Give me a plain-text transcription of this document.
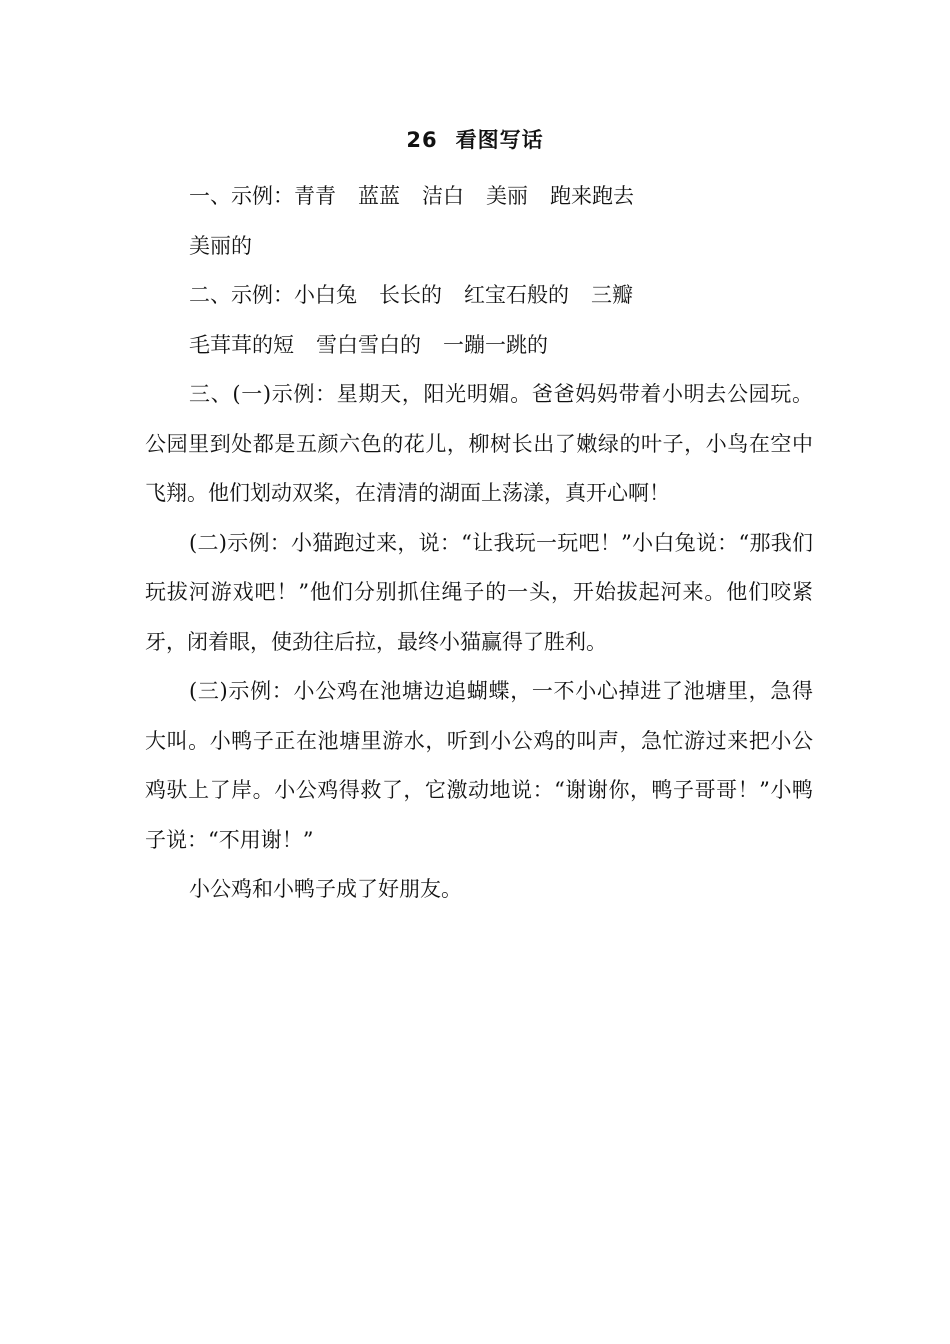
26 看图写话

一、示例：青青 蓝蓝 洁白 美丽 跑来跑去

美丽的

二、示例：小白兔 长长的 红宝石般的 三瓣

毛茸茸的短 雪白雪白的 一蹦一跳的

三、(一)示例：星期天，阳光明媚。爸爸妈妈带着小明去公园玩。公园里到处都是五颜六色的花儿，柳树长出了嫩绿的叶子，小鸟在空中飞翔。他们划动双桨，在清清的湖面上荡漾，真开心啊！

(二)示例：小猫跑过来，说：“让我玩一玩吧！”小白兔说：“那我们玩拔河游戏吧！”他们分别抓住绳子的一头，开始拔起河来。他们咬紧牙，闭着眼，使劲往后拉，最终小猫赢得了胜利。

(三)示例：小公鸡在池塘边追蝴蝶，一不小心掉进了池塘里，急得大叫。小鸭子正在池塘里游水，听到小公鸡的叫声，急忙游过来把小公鸡驮上了岸。小公鸡得救了，它激动地说：“谢谢你，鸭子哥哥！”小鸭子说：“不用谢！”

小公鸡和小鸭子成了好朋友。
